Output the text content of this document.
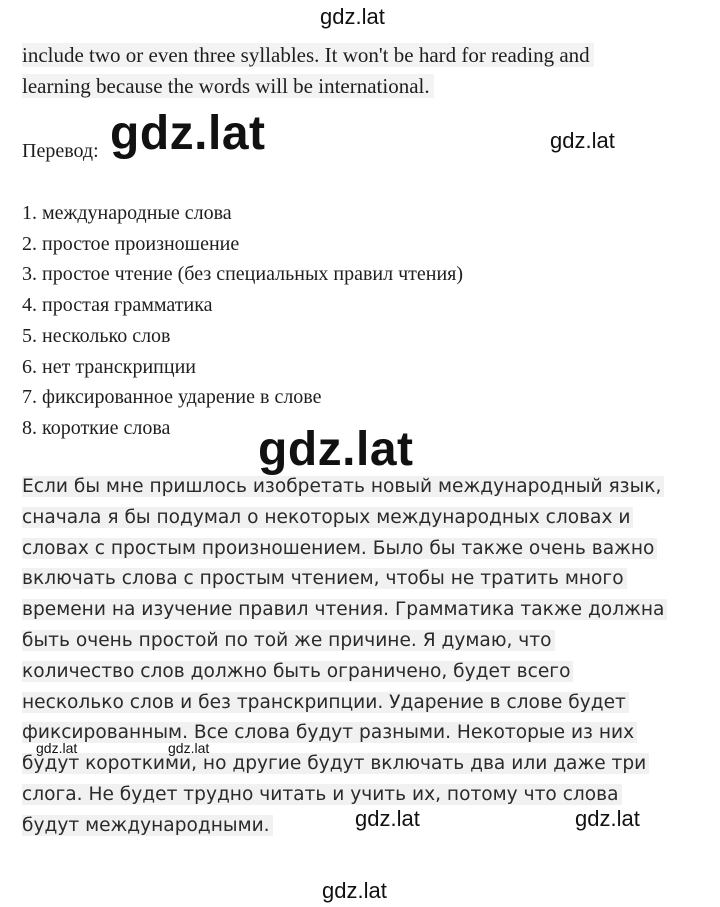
gdz.lat
include two or even three syllables. It won't be hard for reading and
learning because the words will be international.
Перевод: gdz.lat	gdz.lat
1. международные слова
2. простое произношение
3. простое чтение (без специальных правил чтения)
4. простая грамматика
5. несколько слов
6. нет транскрипции
7. фиксированное ударение в слове
8. короткие слова	gdz.lat
Если бы мне пришлось изобретать новый международный язык,
сначала я бы подумал о некоторых международных словах и
словах с простым произношением. Было бы также очень важно
включать слова с простым чтением, чтобы не тратить много
времени на изучение правил чтения. Грамматика также должна
быть очень простой по той же причине. Я думаю, что
количество слов должно быть ограничено, будет всего
несколько слов и без транскрипции. Ударение в слове будет
фиксированным. Все слова будут разными. Некоторые из них
будут короткими, но другие будут включать два или даже три
слога. Не будет трудно читать и учить их, потому что слова
будут международными.
gdz.lat	gdz.lat
gdz.lat	gdz.lat
gdz.lat
